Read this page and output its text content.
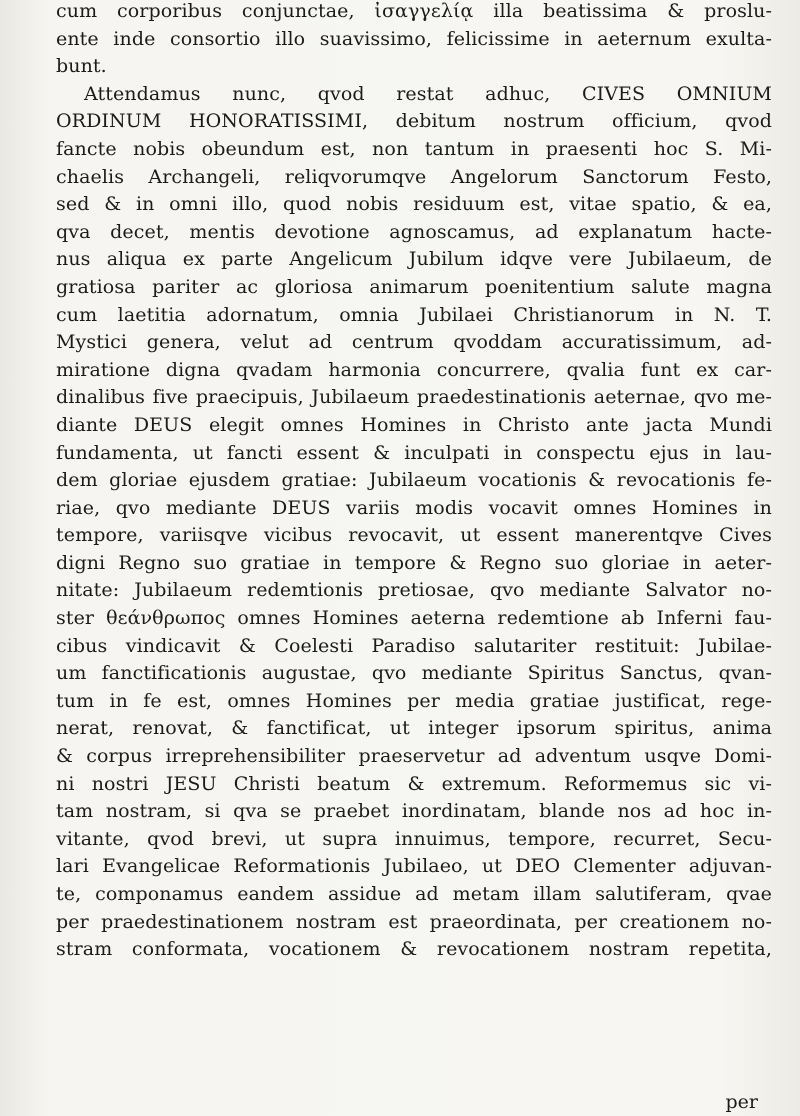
cum corporibus conjunctae, ἰσαγγελίᾳ illa beatissima & proslu-
ente inde consortio illo suavissimo, felicissime in aeternum exulta-
bunt.
Attendamus nunc, qvod restat adhuc, CIVES OMNIUM
ORDINUM HONORATISSIMI, debitum nostrum officium, qvod
fancte nobis obeundum est, non tantum in praesenti hoc S. Mi-
chaelis Archangeli, reliqvorumqve Angelorum Sanctorum Festo,
sed & in omni illo, quod nobis residuum est, vitae spatio, & ea,
qva decet, mentis devotione agnoscamus, ad explanatum hacte-
nus aliqua ex parte Angelicum Jubilum idqve vere Jubilaeum, de
gratiosa pariter ac gloriosa animarum poenitentium salute magna
cum laetitia adornatum, omnia Jubilaei Christianorum in N. T.
Mystici genera, velut ad centrum qvoddam accuratissimum, ad-
miratione digna qvadam harmonia concurrere, qvalia funt ex car-
dinalibus five praecipuis, Jubilaeum praedestinationis aeternae, qvo me-
diante DEUS elegit omnes Homines in Christo ante jacta Mundi
fundamenta, ut fancti essent & inculpati in conspectu ejus in lau-
dem gloriae ejusdem gratiae: Jubilaeum vocationis & revocationis fe-
riae, qvo mediante DEUS variis modis vocavit omnes Homines in
tempore, variisqve vicibus revocavit, ut essent manerentqve Cives
digni Regno suo gratiae in tempore & Regno suo gloriae in aeter-
nitate: Jubilaeum redemtionis pretiosae, qvo mediante Salvator no-
ster θεάνθρωπος omnes Homines aeterna redemtione ab Inferni fau-
cibus vindicavit & Coelesti Paradiso salutariter restituit: Jubilae-
um fanctificationis augustae, qvo mediante Spiritus Sanctus, qvan-
tum in fe est, omnes Homines per media gratiae justificat, rege-
nerat, renovat, & fanctificat, ut integer ipsorum spiritus, anima
& corpus irreprehensibiliter praeservetur ad adventum usqve Domi-
ni nostri JESU Christi beatum & extremum. Reformemus sic vi-
tam nostram, si qva se praebet inordinatam, blande nos ad hoc in-
vitante, qvod brevi, ut supra innuimus, tempore, recurret, Secu-
lari Evangelicae Reformationis Jubilaeo, ut DEO Clementer adjuvan-
te, componamus eandem assidue ad metam illam salutiferam, qvae
per praedestinationem nostram est praeordinata, per creationem no-
stram conformata, vocationem & revocationem nostram repetita,
per
